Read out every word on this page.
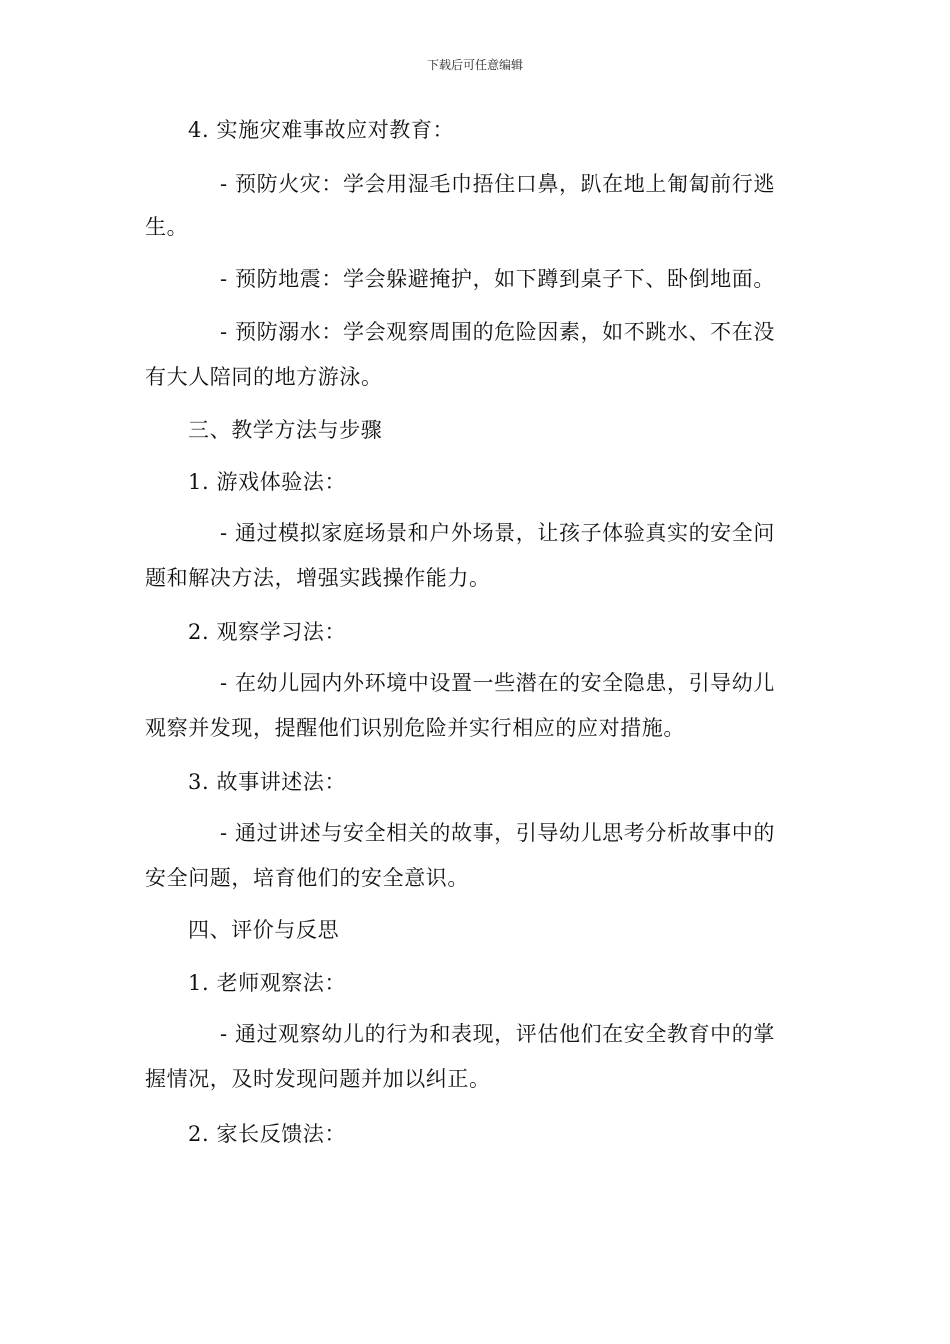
下载后可任意编辑
4. 实施灾难事故应对教育：
- 预防火灾：学会用湿毛巾捂住口鼻，趴在地上匍匐前行逃
生。
- 预防地震：学会躲避掩护，如下蹲到桌子下、卧倒地面。
- 预防溺水：学会观察周围的危险因素，如不跳水、不在没
有大人陪同的地方游泳。
三、教学方法与步骤
1. 游戏体验法：
- 通过模拟家庭场景和户外场景，让孩子体验真实的安全问
题和解决方法，增强实践操作能力。
2. 观察学习法：
- 在幼儿园内外环境中设置一些潜在的安全隐患，引导幼儿
观察并发现，提醒他们识别危险并实行相应的应对措施。
3. 故事讲述法：
- 通过讲述与安全相关的故事，引导幼儿思考分析故事中的
安全问题，培育他们的安全意识。
四、评价与反思
1. 老师观察法：
- 通过观察幼儿的行为和表现，评估他们在安全教育中的掌
握情况，及时发现问题并加以纠正。
2. 家长反馈法：
